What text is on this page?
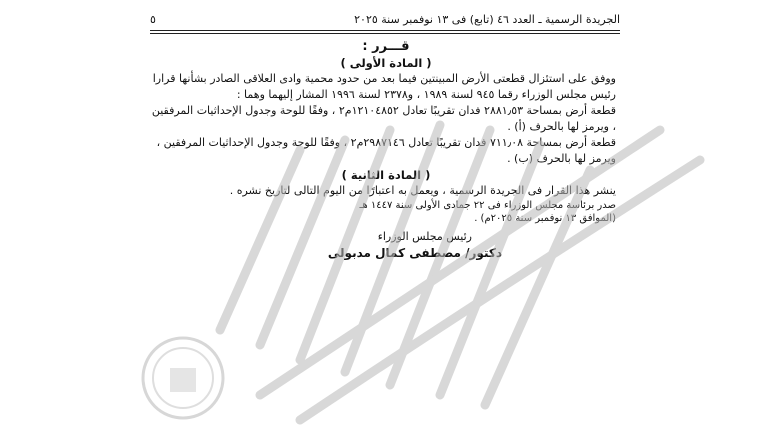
الجريدة الرسمية ـ العدد ٤٦ (تابع) فى ١٣ نوفمبر سنة ٢٠٢٥
٥

قـــرر :

( المادة الأولى )

ووفق على استئزال قطعتى الأرض المبينتين فيما بعد من حدود محمية وادى العلاقى الصادر بشأنها قرارا رئيس مجلس الوزراء رقما ٩٤٥ لسنة ١٩٨٩ ، و٢٣٧٨ لسنة ١٩٩٦ المشار إليهما وهما :

قطعة أرض بمساحة ٢٨٨١٫٥٣ فدان تقريبًا تعادل ١٢١٠٤٨٥٢م٢ ، وفقًا للوحة وجدول الإحداثيات المرفقين ، ويرمز لها بالحرف (أ) .

قطعة أرض بمساحة ٧١١٫٠٨ فدان تقريبًا تعادل ٢٩٨٧١٤٦م٢ ، وفقًا للوحة وجدول الإحداثيات المرفقين ، ويرمز لها بالحرف (ب) .

( المادة الثانية )

ينشر هذا القرار فى الجريدة الرسمية ، ويعمل به اعتبارًا من اليوم التالى لتاريخ نشره .

صدر برئاسة مجلس الوزراء فى ٢٢ جمادى الأولى سنة ١٤٤٧ هـ

(الموافق ١٣ نوفمبر سنة ٢٠٢٥م) .

رئيس مجلس الوزراء

دكتور/ مصطفى كمال مدبولى
